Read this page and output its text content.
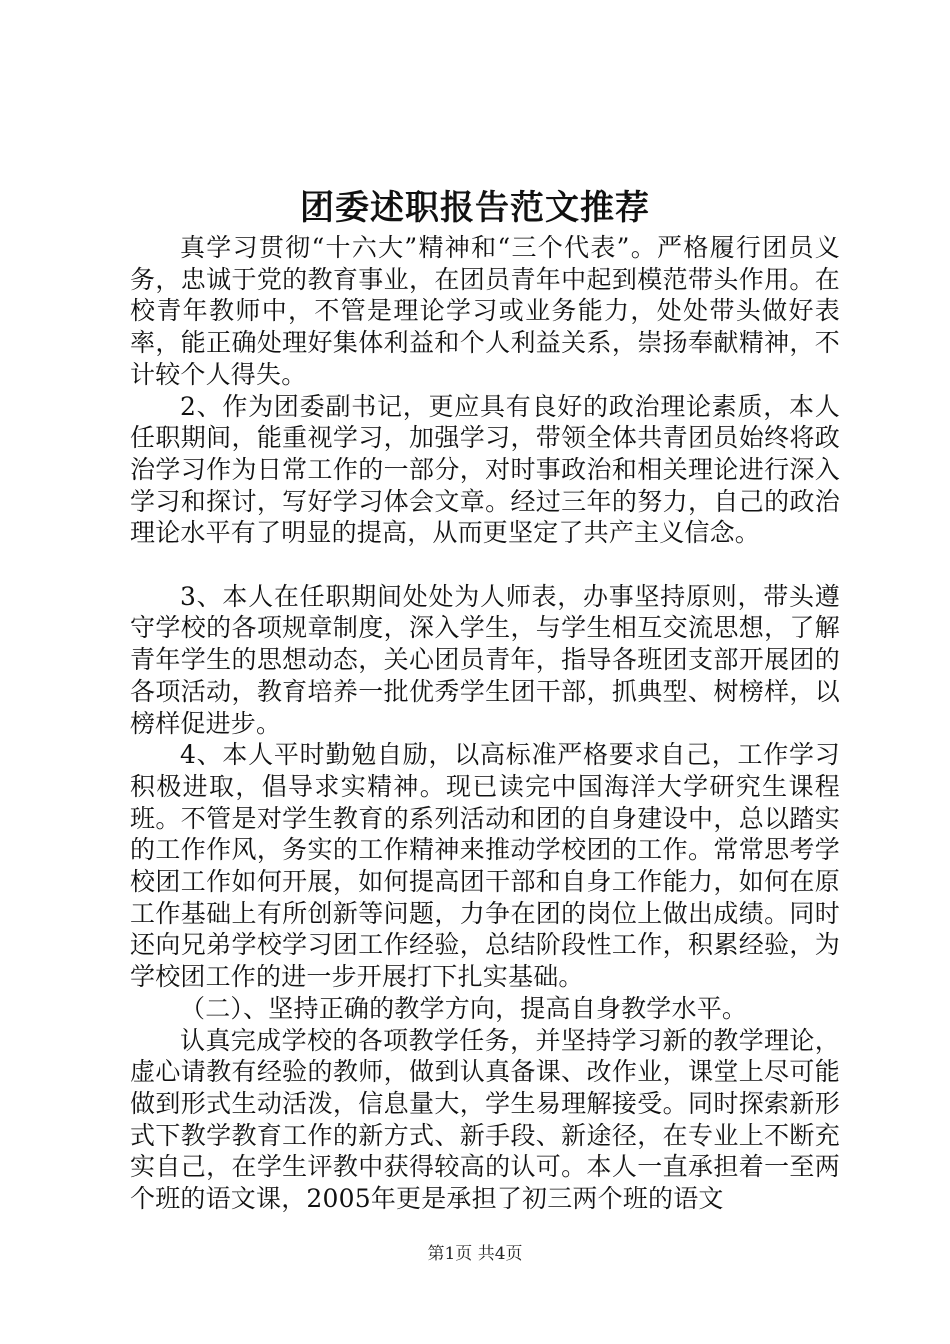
团委述职报告范文推荐

真学习贯彻“十六大”精神和“三个代表”。严格履行团员义务，忠诚于党的教育事业，在团员青年中起到模范带头作用。在校青年教师中，不管是理论学习或业务能力，处处带头做好表率，能正确处理好集体利益和个人利益关系，崇扬奉献精神，不计较个人得失。

2、作为团委副书记，更应具有良好的政治理论素质，本人任职期间，能重视学习，加强学习，带领全体共青团员始终将政治学习作为日常工作的一部分，对时事政治和相关理论进行深入学习和探讨，写好学习体会文章。经过三年的努力，自己的政治理论水平有了明显的提高，从而更坚定了共产主义信念。

3、本人在任职期间处处为人师表，办事坚持原则，带头遵守学校的各项规章制度，深入学生，与学生相互交流思想，了解青年学生的思想动态，关心团员青年，指导各班团支部开展团的各项活动，教育培养一批优秀学生团干部，抓典型、树榜样，以榜样促进步。

4、本人平时勤勉自励，以高标准严格要求自己，工作学习积极进取，倡导求实精神。现已读完中国海洋大学研究生课程班。不管是对学生教育的系列活动和团的自身建设中，总以踏实的工作作风，务实的工作精神来推动学校团的工作。常常思考学校团工作如何开展，如何提高团干部和自身工作能力，如何在原工作基础上有所创新等问题，力争在团的岗位上做出成绩。同时还向兄弟学校学习团工作经验，总结阶段性工作，积累经验，为学校团工作的进一步开展打下扎实基础。

（二）、坚持正确的教学方向，提高自身教学水平。

认真完成学校的各项教学任务，并坚持学习新的教学理论，虚心请教有经验的教师，做到认真备课、改作业，课堂上尽可能做到形式生动活泼，信息量大，学生易理解接受。同时探索新形式下教学教育工作的新方式、新手段、新途径，在专业上不断充实自己，在学生评教中获得较高的认可。本人一直承担着一至两个班的语文课，2005年更是承担了初三两个班的语文

第1页 共4页
